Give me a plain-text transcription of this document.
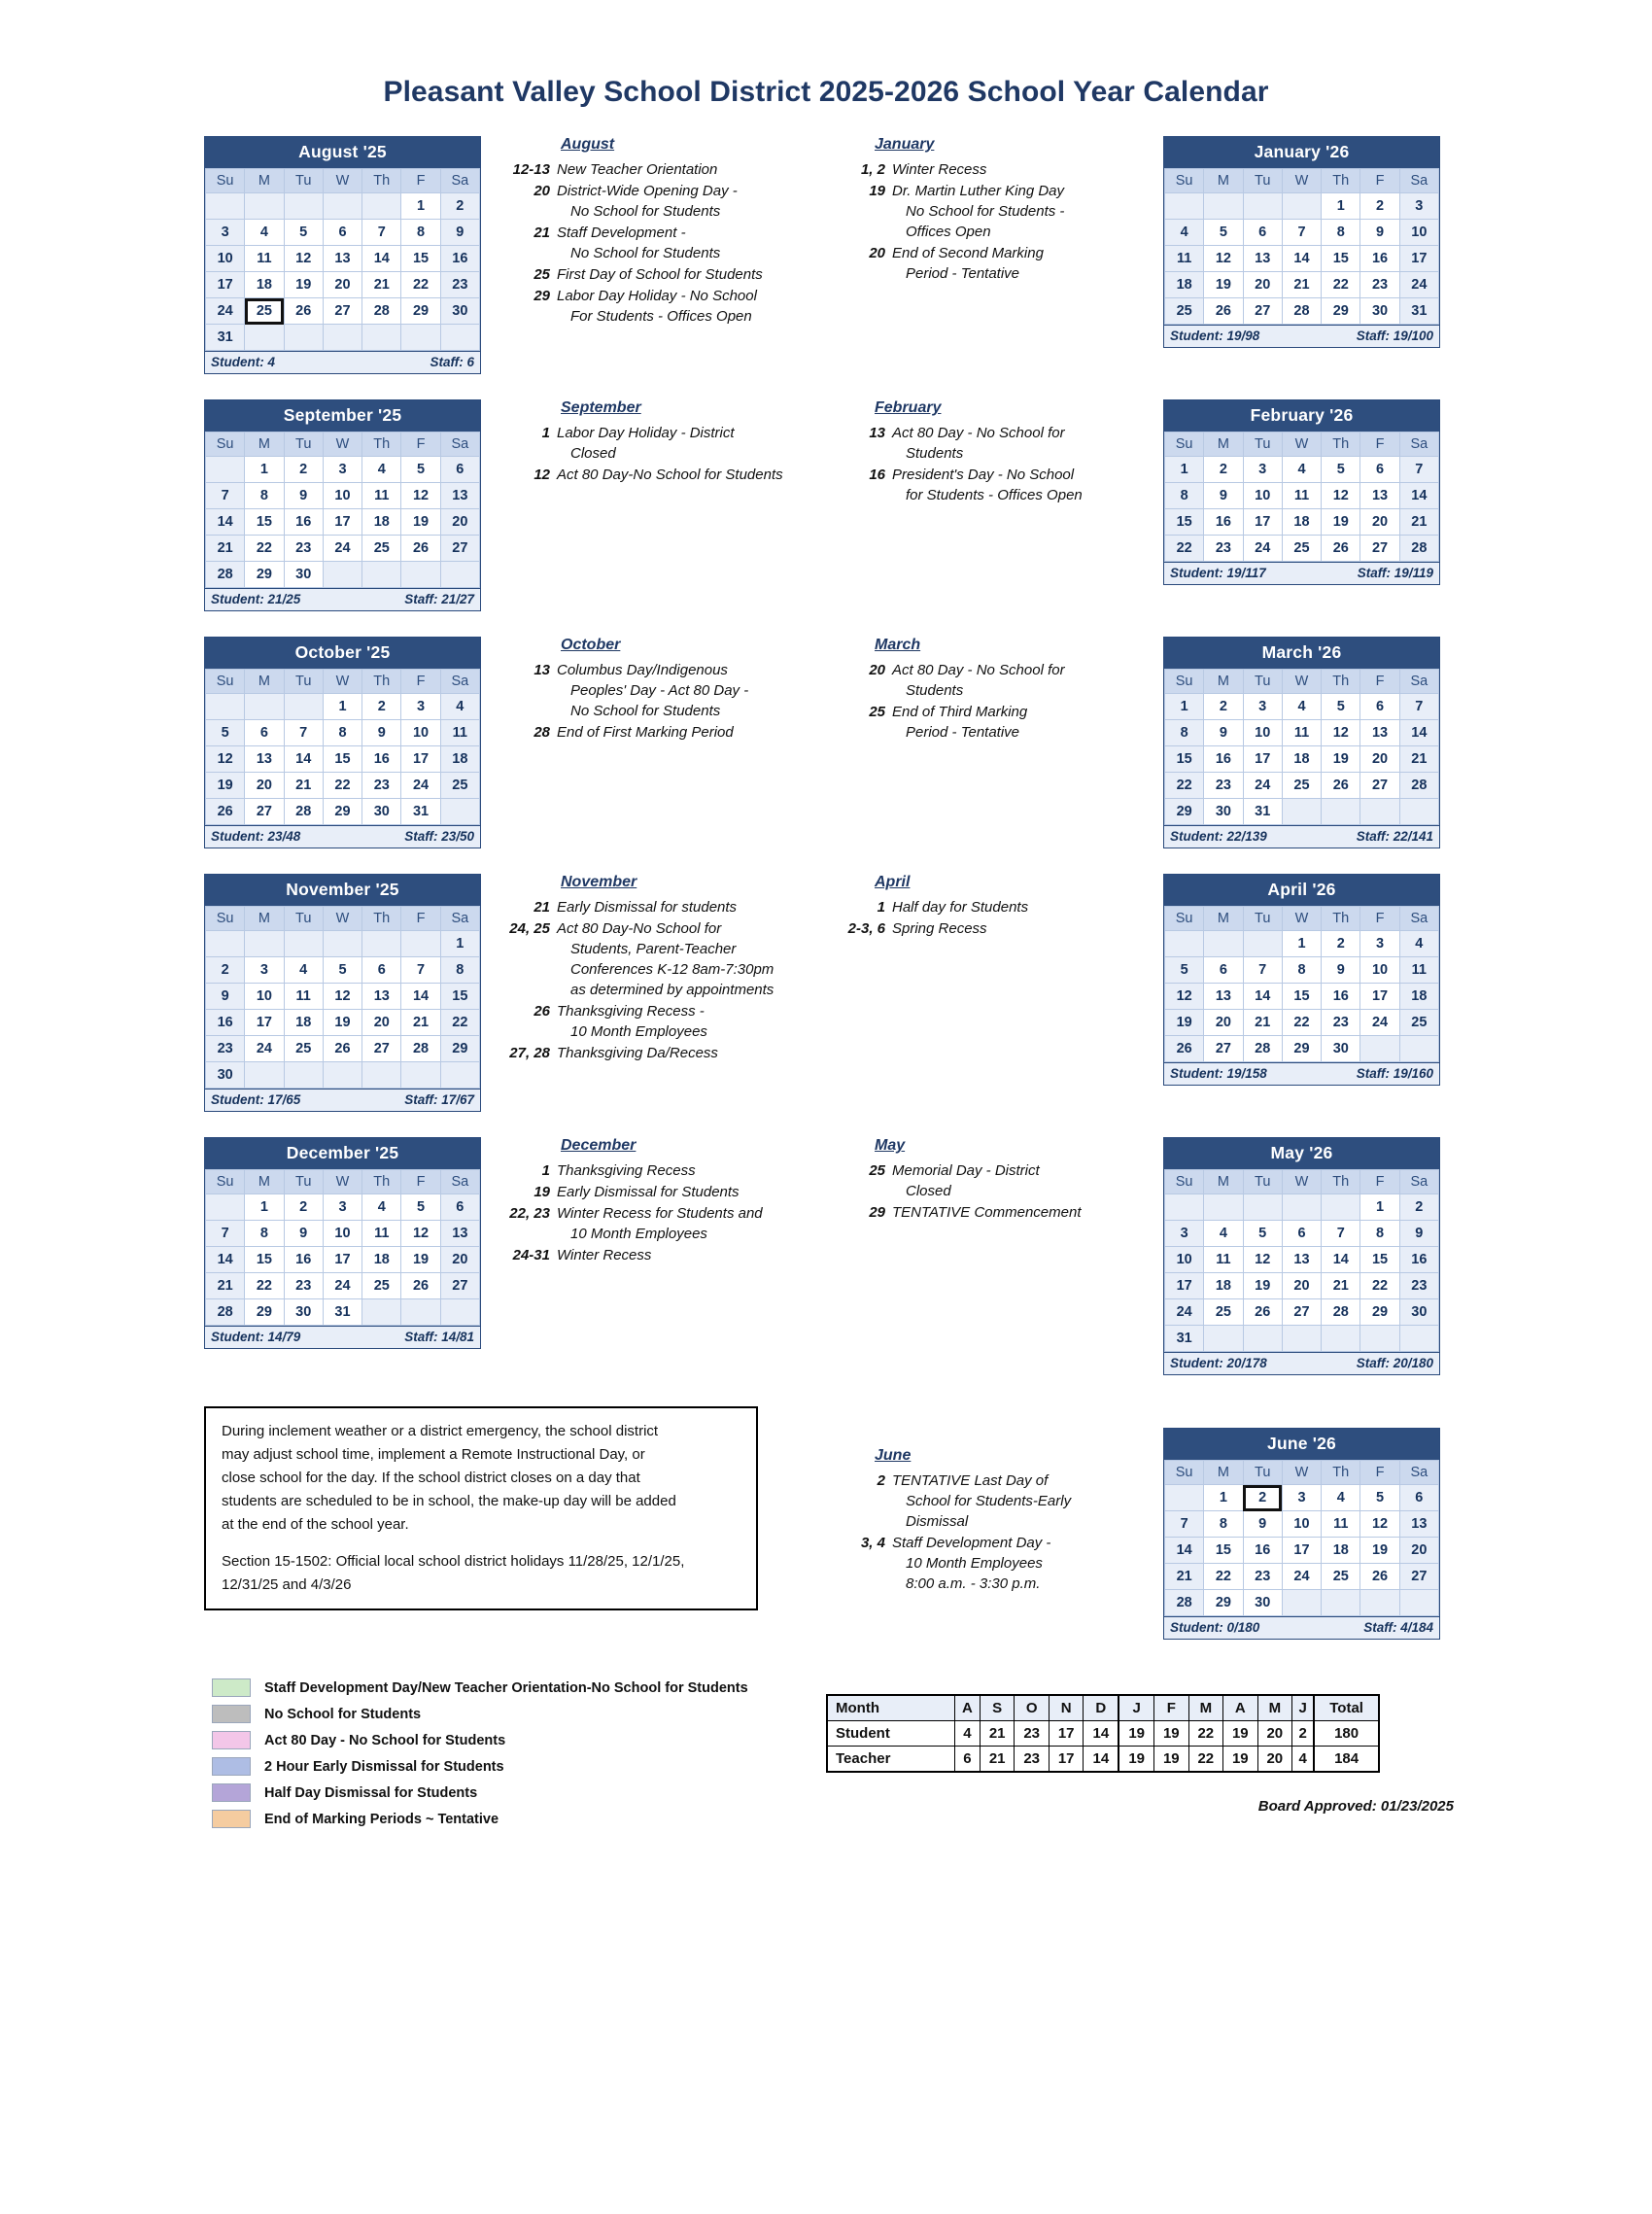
Pleasant Valley School District 2025-2026 School Year Calendar
August '25
Su	M	Tu	W	Th	F	Sa
					1	2
3	4	5	6	7	8	9
10	11	12	13	14	15	16
17	18	19	20	21	22	23
24	25	26	27	28	29	30
31						
Student: 4	Staff: 6
August
12-13 New Teacher Orientation
20 District-Wide Opening Day -
No School for Students
21 Staff Development -
No School for Students
25 First Day of School for Students
29 Labor Day Holiday - No School
For Students - Offices Open
January
1, 2 Winter Recess
19 Dr. Martin Luther King Day
No School for Students -
Offices Open
20 End of Second Marking
Period - Tentative
January '26
Su	M	Tu	W	Th	F	Sa
				1	2	3
4	5	6	7	8	9	10
11	12	13	14	15	16	17
18	19	20	21	22	23	24
25	26	27	28	29	30	31
Student: 19/98	Staff: 19/100
September '25
Su	M	Tu	W	Th	F	Sa
	1	2	3	4	5	6
7	8	9	10	11	12	13
14	15	16	17	18	19	20
21	22	23	24	25	26	27
28	29	30				
Student: 21/25	Staff: 21/27
September
1 Labor Day Holiday - District
Closed
12 Act 80 Day-No School for Students
February
13 Act 80 Day - No School for
Students
16 President's Day - No School
for Students - Offices Open
February '26
Su	M	Tu	W	Th	F	Sa
1	2	3	4	5	6	7
8	9	10	11	12	13	14
15	16	17	18	19	20	21
22	23	24	25	26	27	28
Student: 19/117	Staff: 19/119
October '25
Su	M	Tu	W	Th	F	Sa
			1	2	3	4
5	6	7	8	9	10	11
12	13	14	15	16	17	18
19	20	21	22	23	24	25
26	27	28	29	30	31	
Student: 23/48	Staff: 23/50
October
13 Columbus Day/Indigenous
Peoples' Day - Act 80 Day -
No School for Students
28 End of First Marking Period
March
20 Act 80 Day - No School for
Students
25 End of Third Marking
Period - Tentative
March '26
Su	M	Tu	W	Th	F	Sa
1	2	3	4	5	6	7
8	9	10	11	12	13	14
15	16	17	18	19	20	21
22	23	24	25	26	27	28
29	30	31				
Student: 22/139	Staff: 22/141
November '25
Su	M	Tu	W	Th	F	Sa
						1
2	3	4	5	6	7	8
9	10	11	12	13	14	15
16	17	18	19	20	21	22
23	24	25	26	27	28	29
30						
Student: 17/65	Staff: 17/67
November
21 Early Dismissal for students
24, 25 Act 80 Day-No School for
Students, Parent-Teacher
Conferences K-12 8am-7:30pm
as determined by appointments
26 Thanksgiving Recess -
10 Month Employees
27, 28 Thanksgiving Da/Recess
April
1 Half day for Students
2-3, 6 Spring Recess
April '26
Su	M	Tu	W	Th	F	Sa
			1	2	3	4
5	6	7	8	9	10	11
12	13	14	15	16	17	18
19	20	21	22	23	24	25
26	27	28	29	30		
Student: 19/158	Staff: 19/160
December '25
Su	M	Tu	W	Th	F	Sa
	1	2	3	4	5	6
7	8	9	10	11	12	13
14	15	16	17	18	19	20
21	22	23	24	25	26	27
28	29	30	31			
Student: 14/79	Staff: 14/81
December
1 Thanksgiving Recess
19 Early Dismissal for Students
22, 23 Winter Recess for Students and
10 Month Employees
24-31 Winter Recess
May
25 Memorial Day - District
Closed
29 TENTATIVE Commencement
May '26
Su	M	Tu	W	Th	F	Sa
					1	2
3	4	5	6	7	8	9
10	11	12	13	14	15	16
17	18	19	20	21	22	23
24	25	26	27	28	29	30
31						
Student: 20/178	Staff: 20/180

During inclement weather or a district emergency, the school district

may adjust school time, implement a Remote Instructional Day, or

close school for the day. If the school district closes on a day that

students are scheduled to be in school, the make-up day will be added

at the end of the school year.

Section 15-1502: Official local school district holidays 11/28/25, 12/1/25,

12/31/25 and 4/3/26

June
2 TENTATIVE Last Day of
School for Students-Early
Dismissal
3, 4 Staff Development Day -
10 Month Employees
8:00 a.m. - 3:30 p.m.
June '26
Su	M	Tu	W	Th	F	Sa
	1	2	3	4	5	6
7	8	9	10	11	12	13
14	15	16	17	18	19	20
21	22	23	24	25	26	27
28	29	30				
Student: 0/180	Staff: 4/184
Staff Development Day/New Teacher Orientation-No School for Students
No School for Students
Act 80 Day - No School for Students
2 Hour Early Dismissal for Students
Half Day Dismissal for Students
End of Marking Periods ~ Tentative
Month	A	S	O	N	D	J	F	M	A	M	J	Total
Student	4	21	23	17	14	19	19	22	19	20	2	180
Teacher	6	21	23	17	14	19	19	22	19	20	4	184
Board Approved: 01/23/2025
